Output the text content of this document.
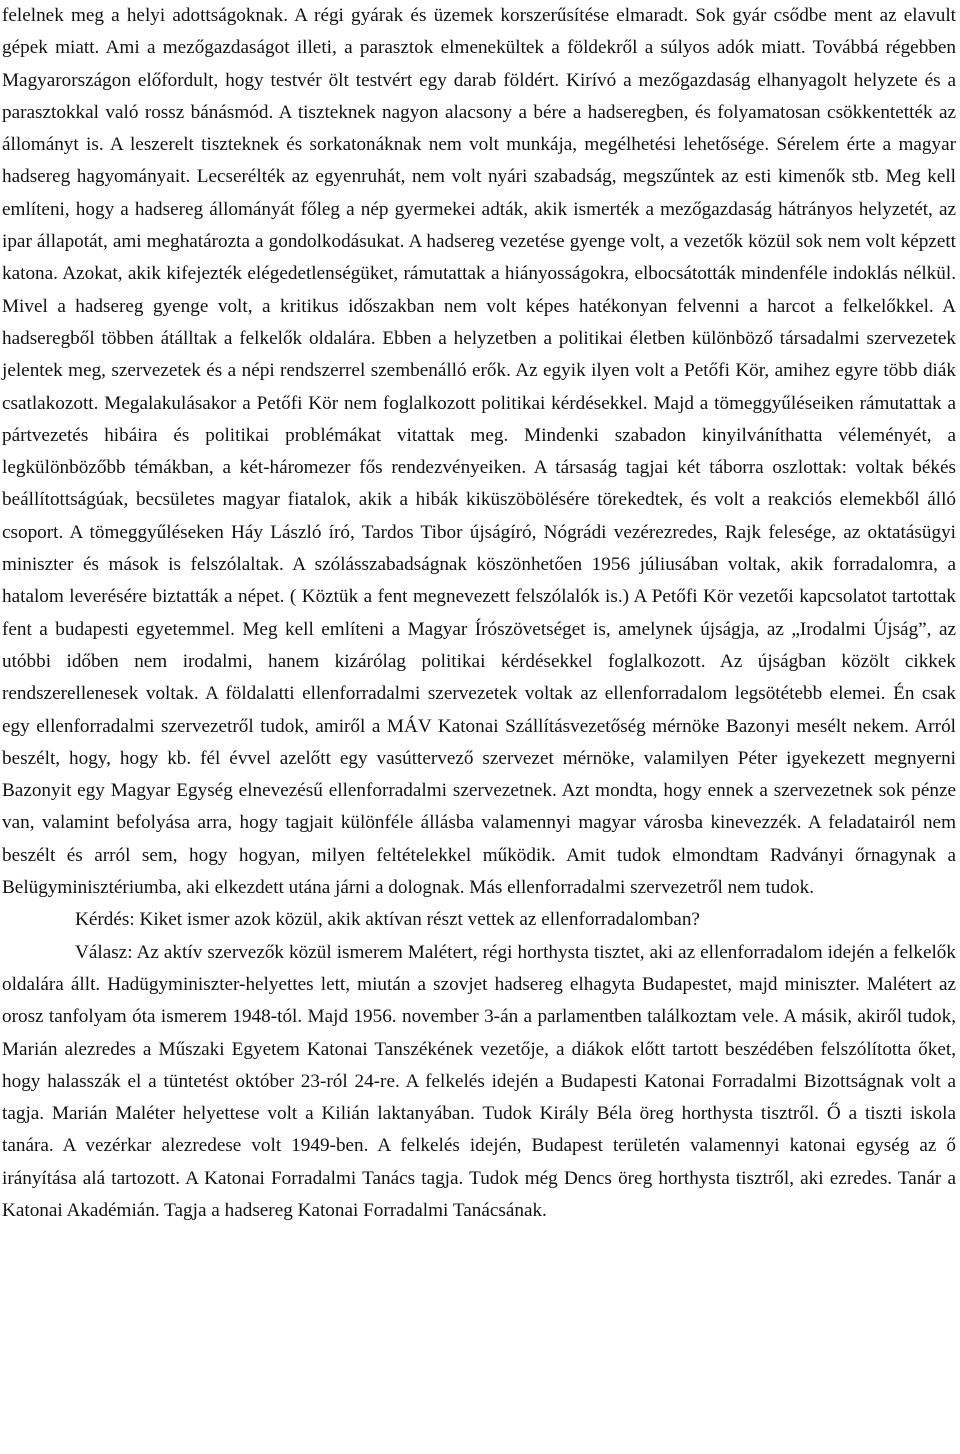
felelnek meg a helyi adottságoknak. A régi gyárak és üzemek korszerűsítése elmaradt. Sok gyár csődbe ment az elavult gépek miatt. Ami a mezőgazdaságot illeti, a parasztok elmenekültek a földekről a súlyos adók miatt. Továbbá régebben Magyarországon előfordult, hogy testvér ölt testvért egy darab földért. Kirívó a mezőgazdaság elhanyagolt helyzete és a parasztokkal való rossz bánásmód. A tiszteknek nagyon alacsony a bére a hadseregben, és folyamatosan csökkentették az állományt is. A leszerelt tiszteknek és sorkatonáknak nem volt munkája, megélhetési lehetősége. Sérelem érte a magyar hadsereg hagyományait. Lecserélték az egyenruhát, nem volt nyári szabadság, megszűntek az esti kimenők stb. Meg kell említeni, hogy a hadsereg állományát főleg a nép gyermekei adták, akik ismerték a mezőgazdaság hátrányos helyzetét, az ipar állapotát, ami meghatározta a gondolkodásukat. A hadsereg vezetése gyenge volt, a vezetők közül sok nem volt képzett katona. Azokat, akik kifejezték elégedetlenségüket, rámutattak a hiányosságokra, elbocsátották mindenféle indoklás nélkül. Mivel a hadsereg gyenge volt, a kritikus időszakban nem volt képes hatékonyan felvenni a harcot a felkelőkkel. A hadseregből többen átálltak a felkelők oldalára. Ebben a helyzetben a politikai életben különböző társadalmi szervezetek jelentek meg, szervezetek és a népi rendszerrel szembenálló erők. Az egyik ilyen volt a Petőfi Kör, amihez egyre több diák csatlakozott. Megalakulásakor a Petőfi Kör nem foglalkozott politikai kérdésekkel. Majd a tömeggyűléseiken rámutattak a pártvezetés hibáira és politikai problémákat vitattak meg. Mindenki szabadon kinyilváníthatta véleményét, a legkülönbözőbb témákban, a két-háromezer fős rendezvényeiken. A társaság tagjai két táborra oszlottak: voltak békés beállítottságúak, becsületes magyar fiatalok, akik a hibák kiküszöbölésére törekedtek, és volt a reakciós elemekből álló csoport. A tömeggyűléseken Háy László író, Tardos Tibor újságíró, Nógrádi vezérezredes, Rajk felesége, az oktatásügyi miniszter és mások is felszólaltak. A szólásszabadságnak köszönhetően 1956 júliusában voltak, akik forradalomra, a hatalom leverésére biztatták a népet. ( Köztük a fent megnevezett felszólalók is.) A Petőfi Kör vezetői kapcsolatot tartottak fent a budapesti egyetemmel. Meg kell említeni a Magyar Írószövetséget is, amelynek újságja, az „Irodalmi Újság”, az utóbbi időben nem irodalmi, hanem kizárólag politikai kérdésekkel foglalkozott. Az újságban közölt cikkek rendszerellenesek voltak. A földalatti ellenforradalmi szervezetek voltak az ellenforradalom legsötétebb elemei. Én csak egy ellenforradalmi szervezetről tudok, amiről a MÁV Katonai Szállításvezetőség mérnöke Bazonyi mesélt nekem. Arról beszélt, hogy, hogy kb. fél évvel azelőtt egy vasúttervező szervezet mérnöke, valamilyen Péter igyekezett megnyerni Bazonyit egy Magyar Egység elnevezésű ellenforradalmi szervezetnek. Azt mondta, hogy ennek a szervezetnek sok pénze van, valamint befolyása arra, hogy tagjait különféle állásba valamennyi magyar városba kinevezzék. A feladatairól nem beszélt és arról sem, hogy hogyan, milyen feltételekkel működik. Amit tudok elmondtam Radványi őrnagynak a Belügyminisztériumba, aki elkezdett utána járni a dolognak. Más ellenforradalmi szervezetről nem tudok.

Kérdés: Kiket ismer azok közül, akik aktívan részt vettek az ellenforradalomban?

Válasz: Az aktív szervezők közül ismerem Malétert, régi horthysta tisztet, aki az ellenforradalom idején a felkelők oldalára állt. Hadügyminiszter-helyettes lett, miután a szovjet hadsereg elhagyta Budapestet, majd miniszter. Malétert az orosz tanfolyam óta ismerem 1948-tól. Majd 1956. november 3-án a parlamentben találkoztam vele. A másik, akiről tudok, Marián alezredes a Műszaki Egyetem Katonai Tanszékének vezetője, a diákok előtt tartott beszédében felszólította őket, hogy halasszák el a tüntetést október 23-ról 24-re. A felkelés idején a Budapesti Katonai Forradalmi Bizottságnak volt a tagja. Marián Maléter helyettese volt a Kilián laktanyában. Tudok Király Béla öreg horthysta tisztről. Ő a tiszti iskola tanára. A vezérkar alezredese volt 1949-ben. A felkelés idején, Budapest területén valamennyi katonai egység az ő irányítása alá tartozott. A Katonai Forradalmi Tanács tagja. Tudok még Dencs öreg horthysta tisztről, aki ezredes. Tanár a Katonai Akadémián. Tagja a hadsereg Katonai Forradalmi Tanácsának.
